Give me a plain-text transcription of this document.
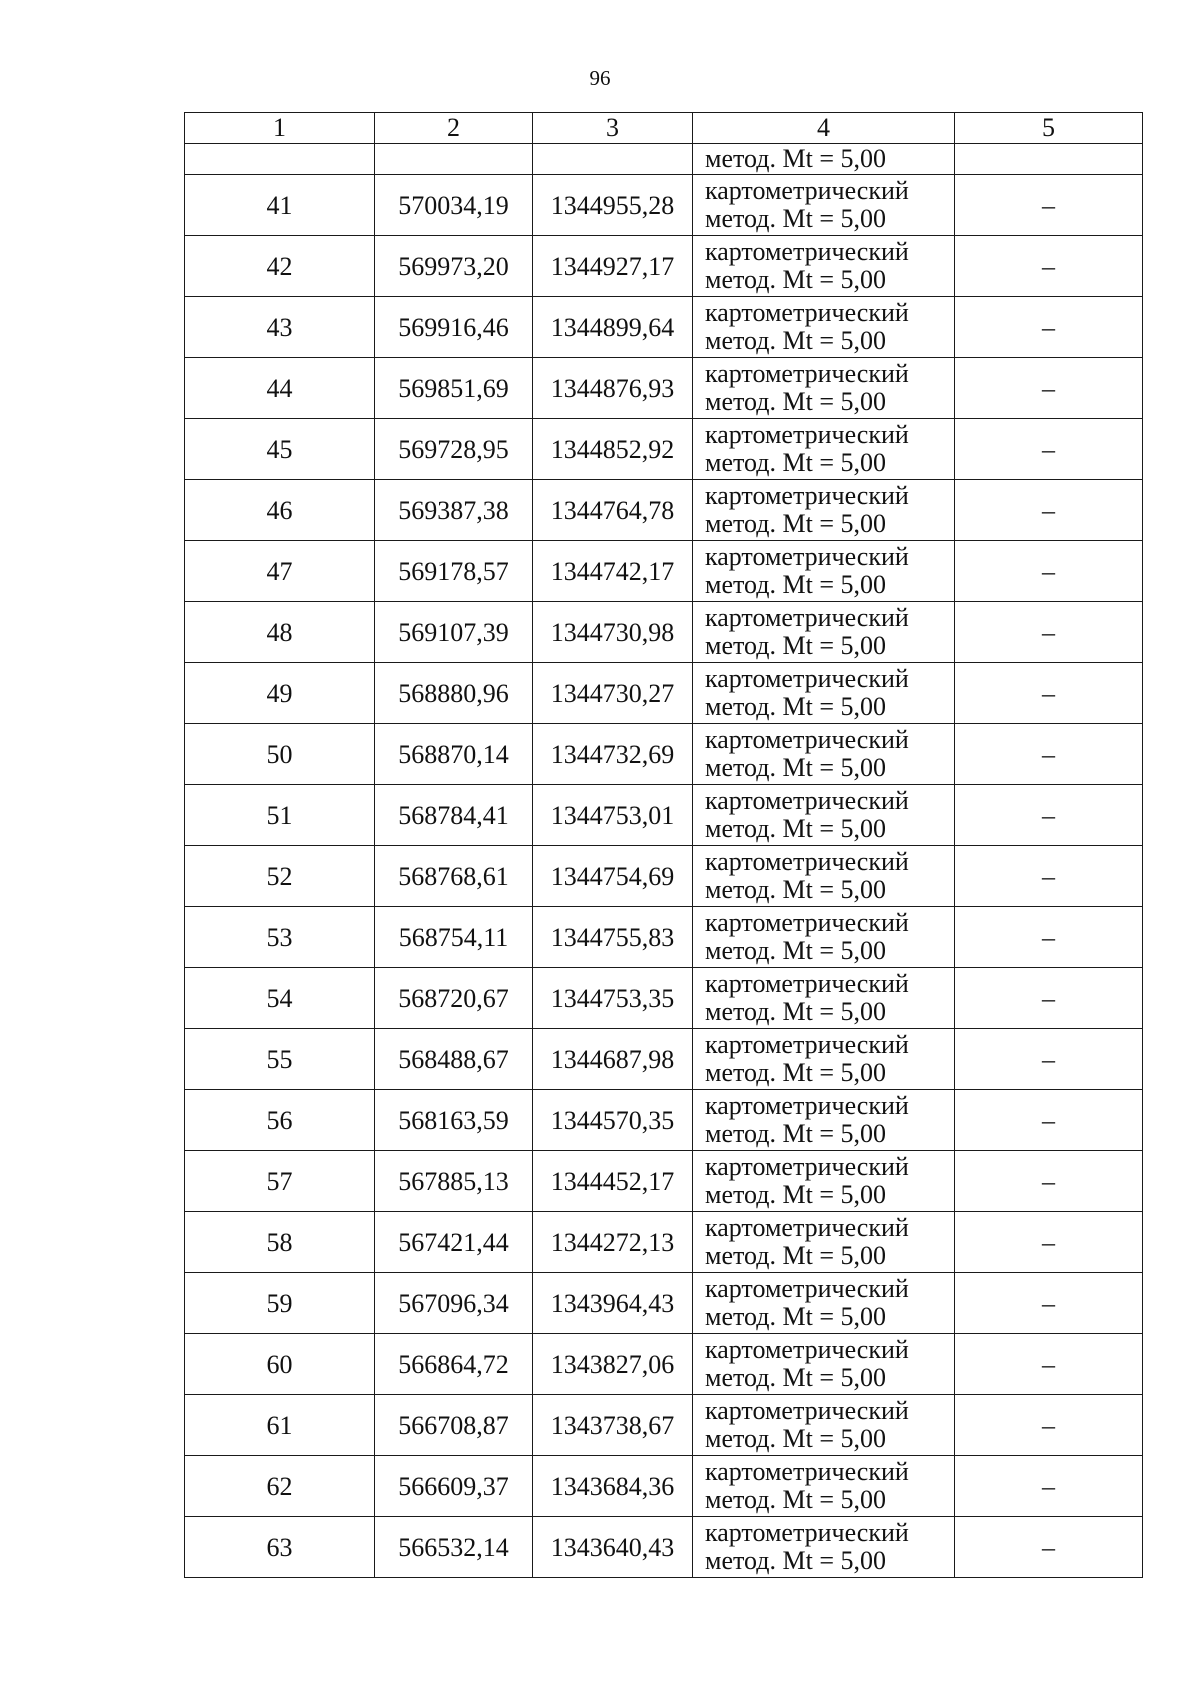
96
1	2	3	4	5

			метод. Mt = 5,00	

41	570034,19	1344955,28	картометрический
метод. Mt = 5,00	–
42	569973,20	1344927,17	картометрический
метод. Mt = 5,00	–
43	569916,46	1344899,64	картометрический
метод. Mt = 5,00	–
44	569851,69	1344876,93	картометрический
метод. Mt = 5,00	–
45	569728,95	1344852,92	картометрический
метод. Mt = 5,00	–
46	569387,38	1344764,78	картометрический
метод. Mt = 5,00	–
47	569178,57	1344742,17	картометрический
метод. Mt = 5,00	–
48	569107,39	1344730,98	картометрический
метод. Mt = 5,00	–
49	568880,96	1344730,27	картометрический
метод. Mt = 5,00	–
50	568870,14	1344732,69	картометрический
метод. Mt = 5,00	–
51	568784,41	1344753,01	картометрический
метод. Mt = 5,00	–
52	568768,61	1344754,69	картометрический
метод. Mt = 5,00	–
53	568754,11	1344755,83	картометрический
метод. Mt = 5,00	–
54	568720,67	1344753,35	картометрический
метод. Mt = 5,00	–
55	568488,67	1344687,98	картометрический
метод. Mt = 5,00	–
56	568163,59	1344570,35	картометрический
метод. Mt = 5,00	–
57	567885,13	1344452,17	картометрический
метод. Mt = 5,00	–
58	567421,44	1344272,13	картометрический
метод. Mt = 5,00	–
59	567096,34	1343964,43	картометрический
метод. Mt = 5,00	–
60	566864,72	1343827,06	картометрический
метод. Mt = 5,00	–
61	566708,87	1343738,67	картометрический
метод. Mt = 5,00	–
62	566609,37	1343684,36	картометрический
метод. Mt = 5,00	–
63	566532,14	1343640,43	картометрический
метод. Mt = 5,00	–
